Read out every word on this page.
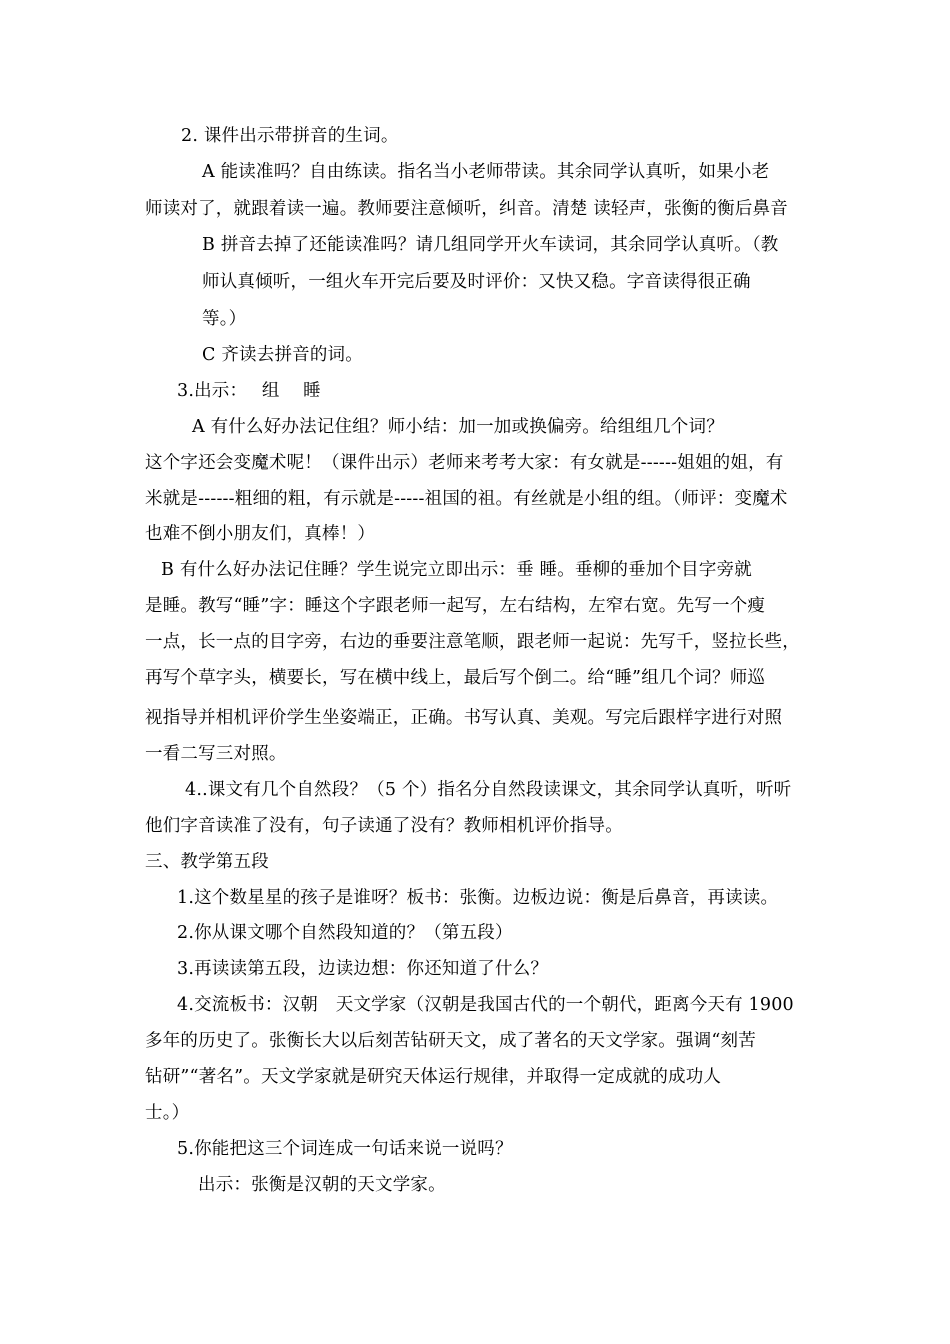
2. 课件出示带拼音的生词。
A 能读准吗？自由练读。指名当小老师带读。其余同学认真听，如果小老
师读对了，就跟着读一遍。教师要注意倾听，纠音。清楚 读轻声，张衡的衡后鼻音
B 拼音去掉了还能读准吗？请几组同学开火车读词，其余同学认真听。（教
师认真倾听，一组火车开完后要及时评价：又快又稳。字音读得很正确
等。）
C 齐读去拼音的词。
3.出示：　 组　 睡
A 有什么好办法记住组？师小结：加一加或换偏旁。给组组几个词？
这个字还会变魔术呢！（课件出示）老师来考考大家：有女就是------姐姐的姐，有
米就是------粗细的粗，有示就是-----祖国的祖。有丝就是小组的组。（师评：变魔术
也难不倒小朋友们，真棒！）
B 有什么好办法记住睡？学生说完立即出示：垂 睡。垂柳的垂加个目字旁就
是睡。教写“睡”字：睡这个字跟老师一起写，左右结构，左窄右宽。先写一个瘦
一点，长一点的目字旁，右边的垂要注意笔顺，跟老师一起说：先写千，竖拉长些，
再写个草字头，横要长，写在横中线上，最后写个倒二。给“睡”组几个词？师巡
视指导并相机评价学生坐姿端正，正确。书写认真、美观。写完后跟样字进行对照
一看二写三对照。
4..课文有几个自然段？（5 个）指名分自然段读课文，其余同学认真听，听听
他们字音读准了没有，句子读通了没有？教师相机评价指导。
三、教学第五段
1.这个数星星的孩子是谁呀？板书：张衡。边板边说：衡是后鼻音，再读读。
2.你从课文哪个自然段知道的？（第五段）
3.再读读第五段，边读边想：你还知道了什么？
4.交流板书：汉朝　天文学家（汉朝是我国古代的一个朝代，距离今天有 1900
多年的历史了。张衡长大以后刻苦钻研天文，成了著名的天文学家。强调“刻苦
钻研”“著名”。天文学家就是研究天体运行规律，并取得一定成就的成功人
士。）
5.你能把这三个词连成一句话来说一说吗？
出示：张衡是汉朝的天文学家。
